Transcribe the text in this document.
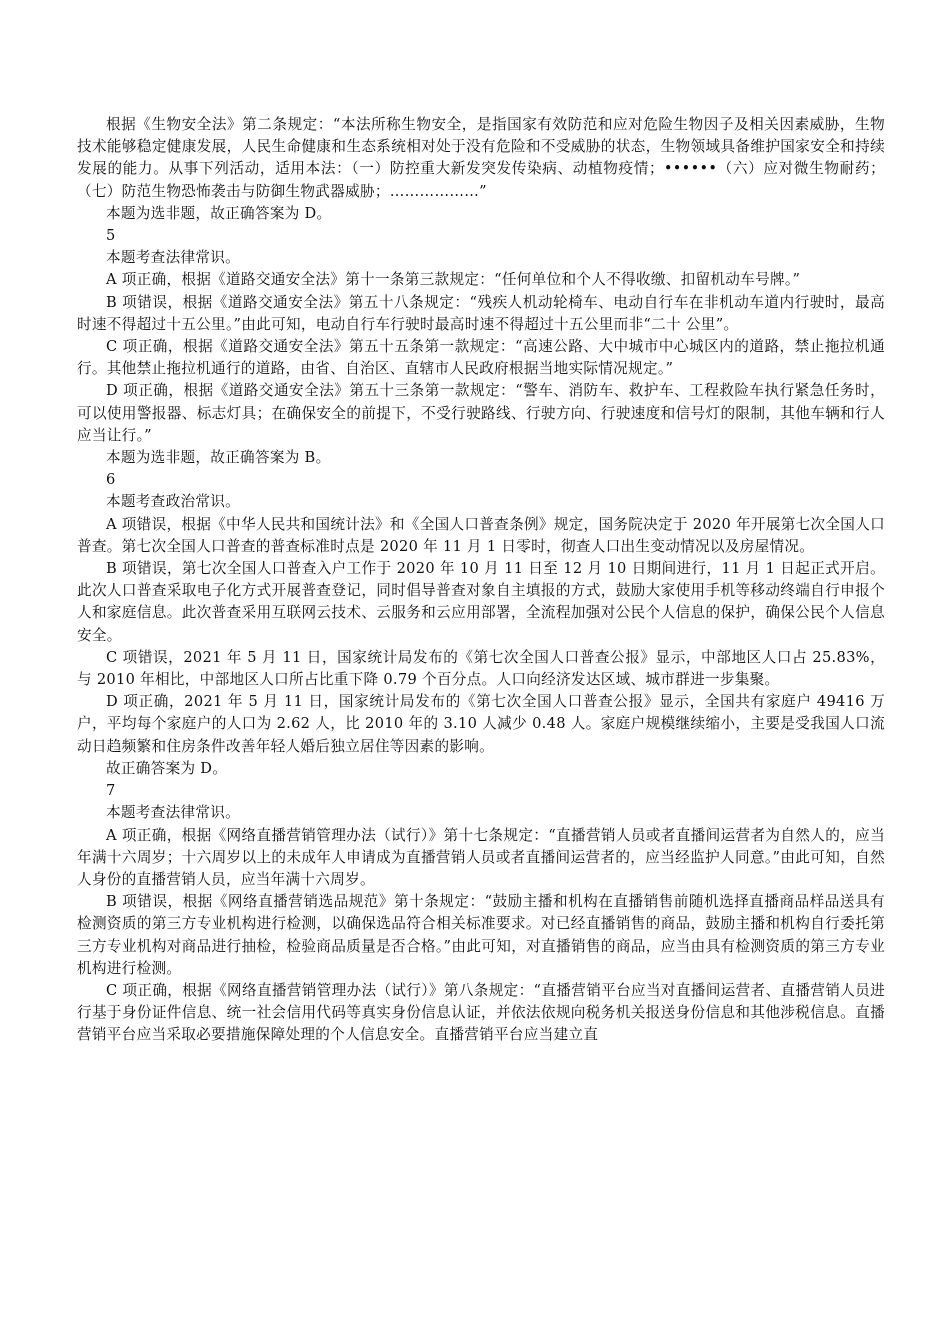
根据《生物安全法》第二条规定：“本法所称生物安全，是指国家有效防范和应对危险生物因子及相关因素威胁，生物技术能够稳定健康发展，人民生命健康和生态系统相对处于没有危险和不受威胁的状态，生物领域具备维护国家安全和持续发展的能力。从事下列活动，适用本法：（一）防控重大新发突发传染病、动植物疫情；••••••（六）应对微生物耐药；（七）防范生物恐怖袭击与防御生物武器威胁；………………”

本题为选非题，故正确答案为 D。

5

本题考查法律常识。

A 项正确，根据《道路交通安全法》第十一条第三款规定：“任何单位和个人不得收缴、扣留机动车号牌。”

B 项错误，根据《道路交通安全法》第五十八条规定：“残疾人机动轮椅车、电动自行车在非机动车道内行驶时，最高时速不得超过十五公里。”由此可知，电动自行车行驶时最高时速不得超过十五公里而非“二十 公里”。

C 项正确，根据《道路交通安全法》第五十五条第一款规定：“高速公路、大中城市中心城区内的道路，禁止拖拉机通行。其他禁止拖拉机通行的道路，由省、自治区、直辖市人民政府根据当地实际情况规定。”

D 项正确，根据《道路交通安全法》第五十三条第一款规定：“警车、消防车、救护车、工程救险车执行紧急任务时，可以使用警报器、标志灯具；在确保安全的前提下，不受行驶路线、行驶方向、行驶速度和信号灯的限制，其他车辆和行人应当让行。”

本题为选非题，故正确答案为 B。

6

本题考查政治常识。

A 项错误，根据《中华人民共和国统计法》和《全国人口普查条例》规定，国务院决定于 2020 年开展第七次全国人口普查。第七次全国人口普查的普查标准时点是 2020 年 11 月 1 日零时，彻查人口出生变动情况以及房屋情况。

B 项错误，第七次全国人口普查入户工作于 2020 年 10 月 11 日至 12 月 10 日期间进行，11 月 1 日起正式开启。此次人口普查采取电子化方式开展普查登记，同时倡导普查对象自主填报的方式，鼓励大家使用手机等移动终端自行申报个人和家庭信息。此次普查采用互联网云技术、云服务和云应用部署，全流程加强对公民个人信息的保护，确保公民个人信息安全。

C 项错误，2021 年 5 月 11 日，国家统计局发布的《第七次全国人口普查公报》显示，中部地区人口占 25.83%，与 2010 年相比，中部地区人口所占比重下降 0.79 个百分点。人口向经济发达区域、城市群进一步集聚。

D 项正确，2021 年 5 月 11 日，国家统计局发布的《第七次全国人口普查公报》显示，全国共有家庭户 49416 万户，平均每个家庭户的人口为 2.62 人，比 2010 年的 3.10 人减少 0.48 人。家庭户规模继续缩小，主要是受我国人口流动日趋频繁和住房条件改善年轻人婚后独立居住等因素的影响。

故正确答案为 D。

7

本题考查法律常识。

A 项正确，根据《网络直播营销管理办法（试行）》第十七条规定：“直播营销人员或者直播间运营者为自然人的，应当年满十六周岁；十六周岁以上的未成年人申请成为直播营销人员或者直播间运营者的，应当经监护人同意。”由此可知，自然人身份的直播营销人员，应当年满十六周岁。

B 项错误，根据《网络直播营销选品规范》第十条规定：“鼓励主播和机构在直播销售前随机选择直播商品样品送具有检测资质的第三方专业机构进行检测，以确保选品符合相关标准要求。对已经直播销售的商品，鼓励主播和机构自行委托第三方专业机构对商品进行抽检，检验商品质量是否合格。”由此可知，对直播销售的商品，应当由具有检测资质的第三方专业机构进行检测。

C 项正确，根据《网络直播营销管理办法（试行）》第八条规定：“直播营销平台应当对直播间运营者、直播营销人员进行基于身份证件信息、统一社会信用代码等真实身份信息认证，并依法依规向税务机关报送身份信息和其他涉税信息。直播营销平台应当采取必要措施保障处理的个人信息安全。直播营销平台应当建立直
